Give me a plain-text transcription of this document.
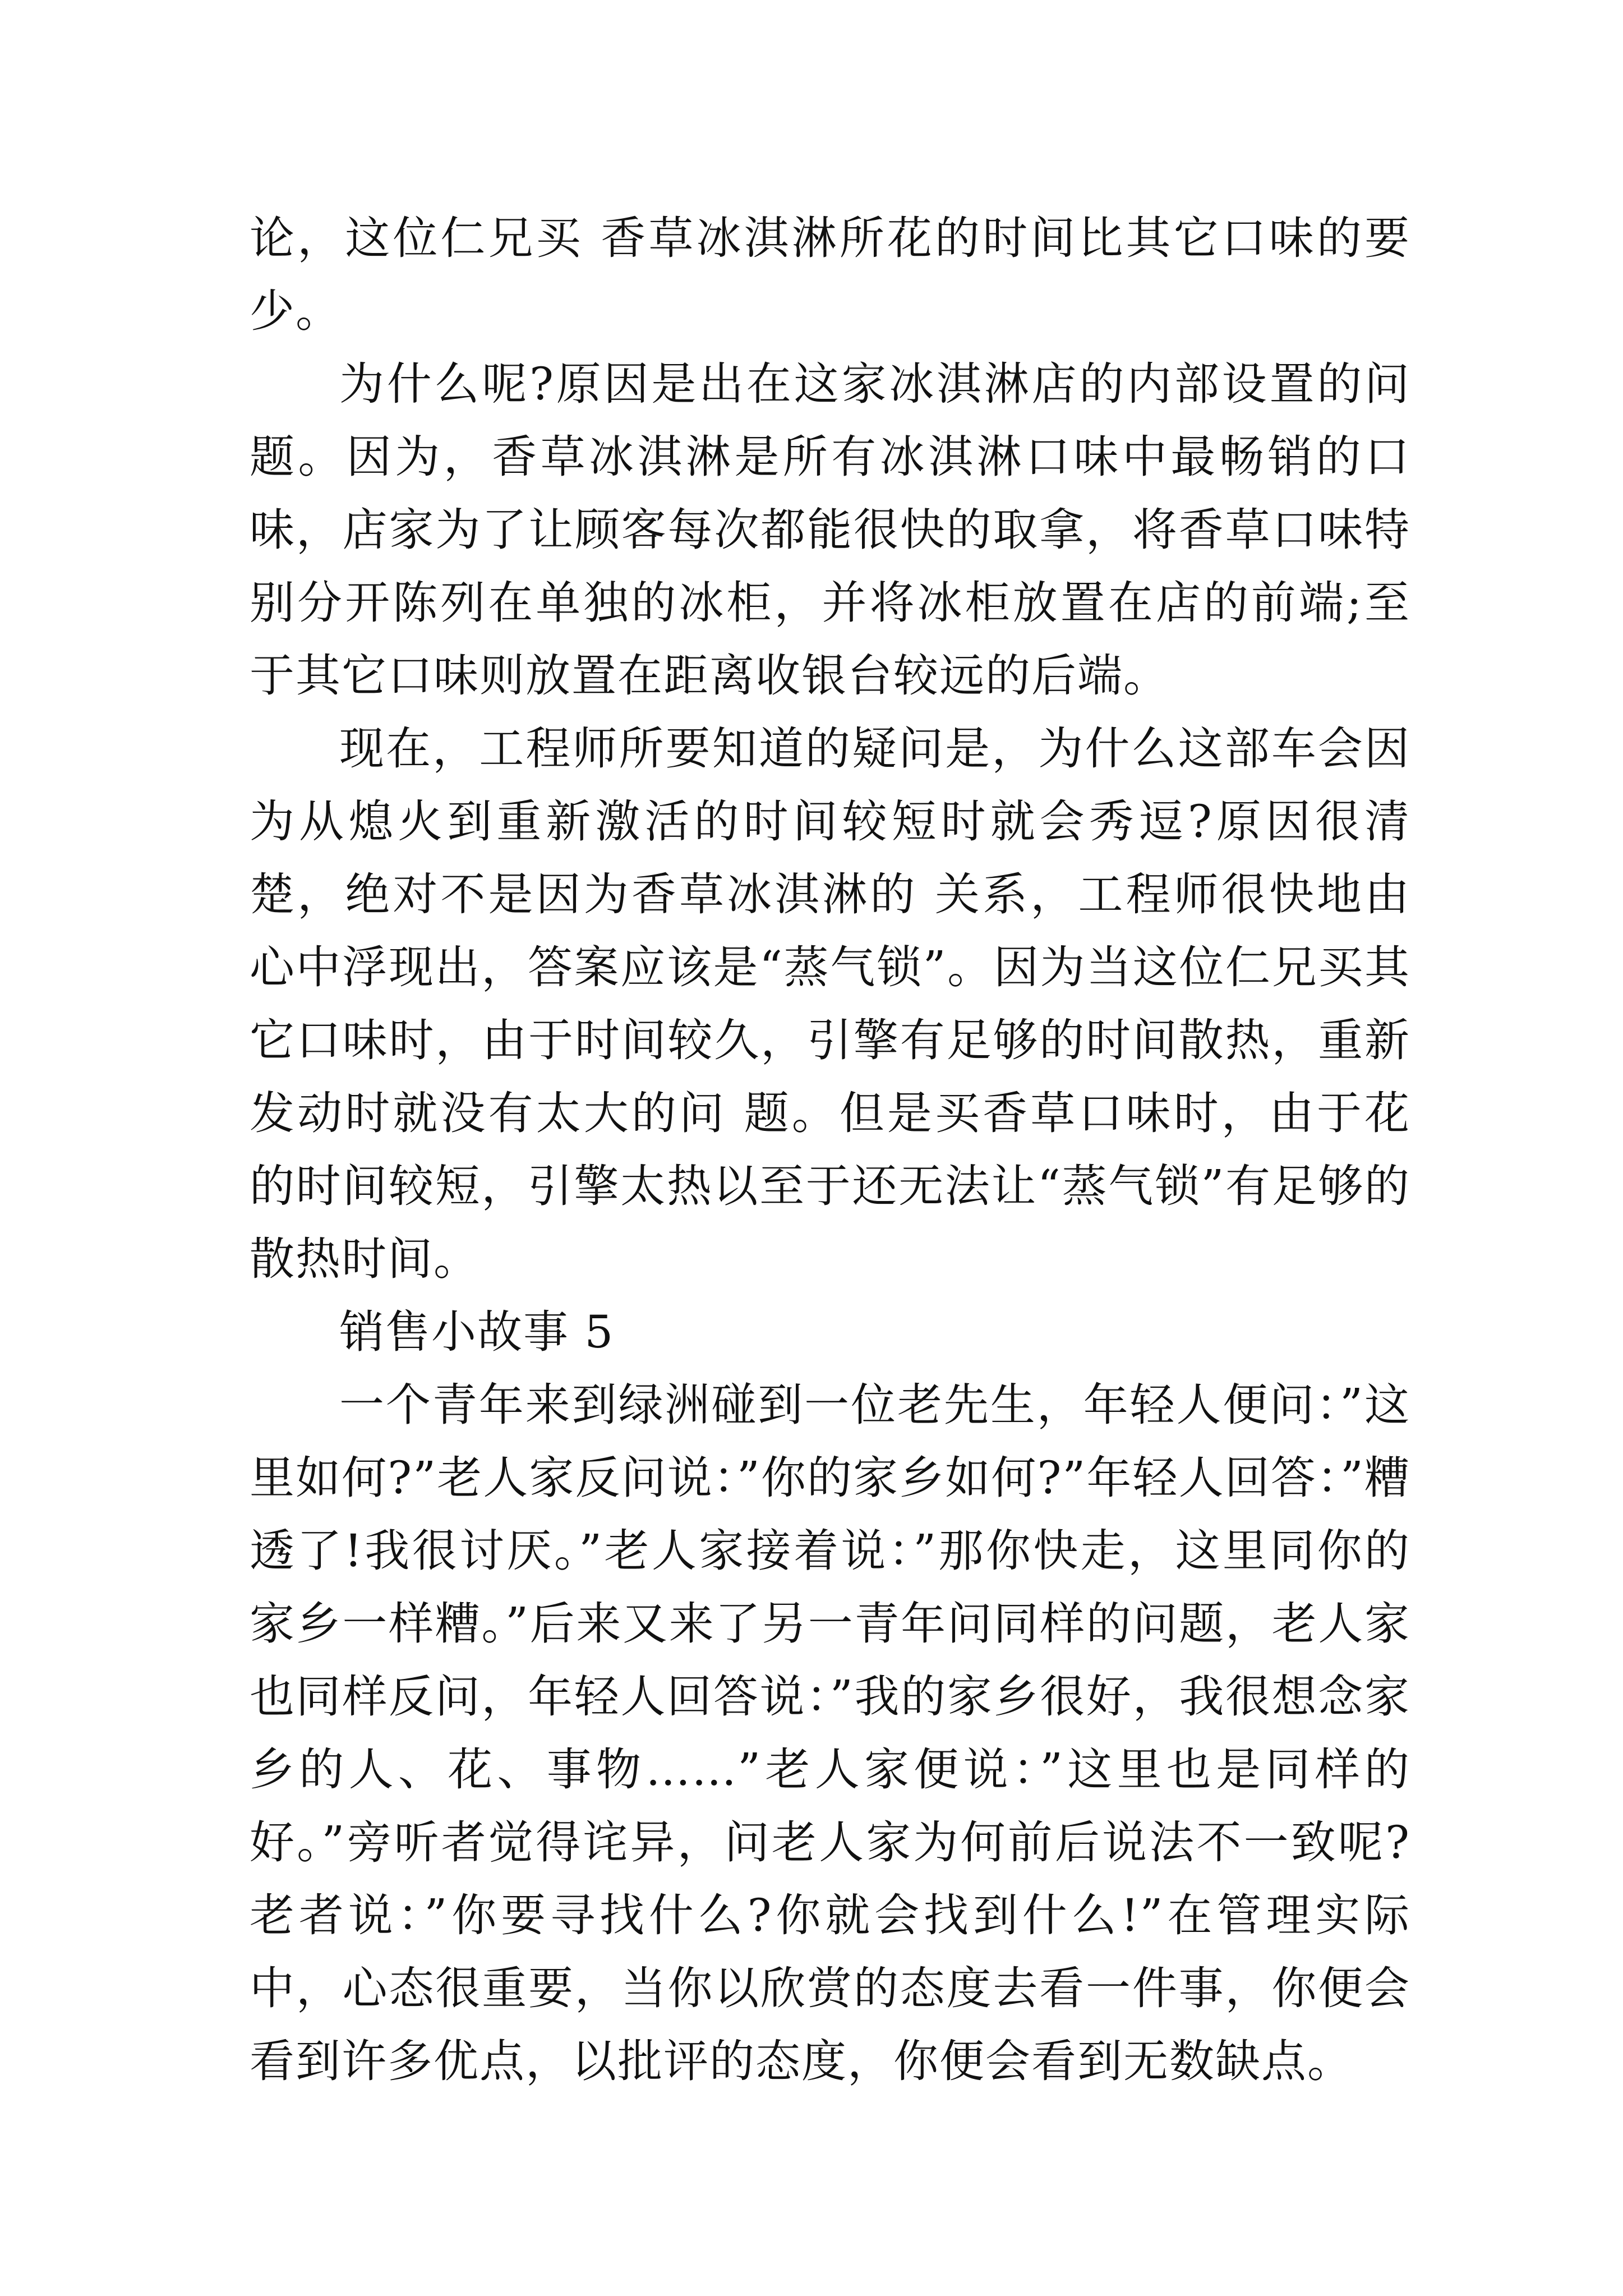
论，这位仁兄买 香草冰淇淋所花的时间比其它口味的要少。

为什么呢?原因是出在这家冰淇淋店的内部设置的问题。因为，香草冰淇淋是所有冰淇淋口味中最畅销的口味，店家为了让顾客每次都能很快的取拿，将香草口味特别分开陈列在单独的冰柜，并将冰柜放置在店的前端;至于其它口味则放置在距离收银台较远的后端。

现在，工程师所要知道的疑问是，为什么这部车会因为从熄火到重新激活的时间较短时就会秀逗?原因很清楚，绝对不是因为香草冰淇淋的 关系，工程师很快地由心中浮现出，答案应该是“蒸气锁”。因为当这位仁兄买其它口味时，由于时间较久，引擎有足够的时间散热，重新发动时就没有太大的问 题。但是买香草口味时，由于花的时间较短，引擎太热以至于还无法让“蒸气锁”有足够的散热时间。

销售小故事 5

一个青年来到绿洲碰到一位老先生，年轻人便问：”这里如何?”老人家反问说：”你的家乡如何?”年轻人回答：”糟透了!我很讨厌。”老人家接着说：”那你快走，这里同你的家乡一样糟。”后来又来了另一青年问同样的问题，老人家也同样反问，年轻人回答说：”我的家乡很好，我很想念家乡的人、花、事物……”老人家便说：”这里也是同样的好。”旁听者觉得诧异，问老人家为何前后说法不一致呢?老者说：”你要寻找什么?你就会找到什么!”在管理实际中，心态很重要，当你以欣赏的态度去看一件事，你便会看到许多优点，以批评的态度，你便会看到无数缺点。
